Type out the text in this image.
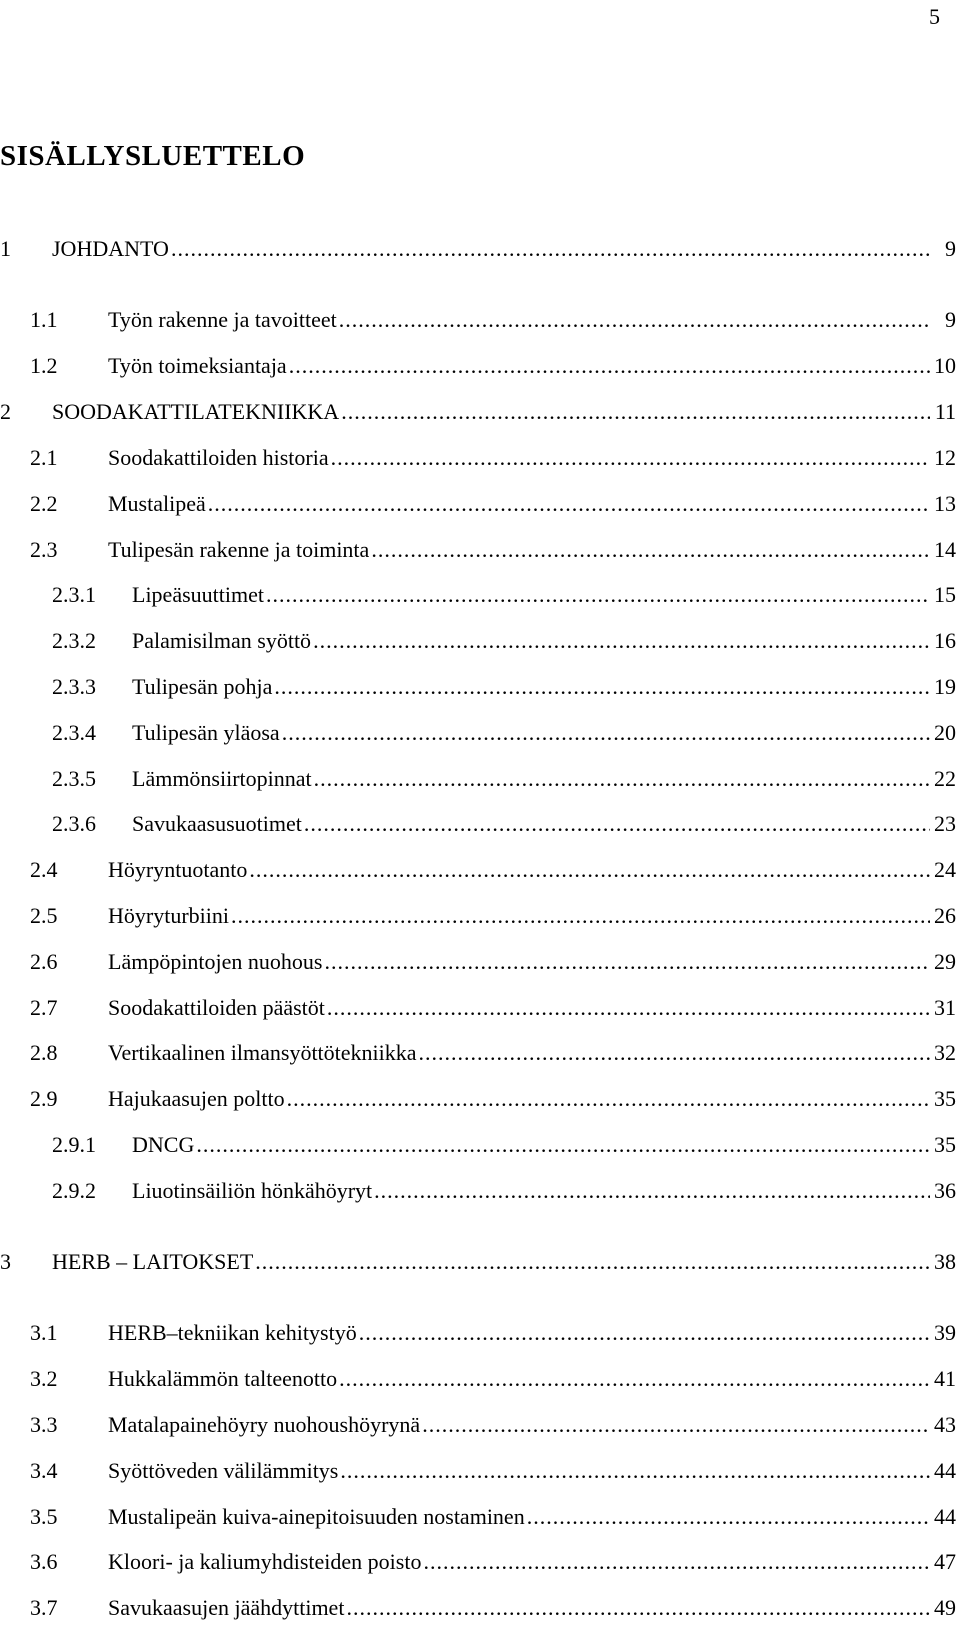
5
SISÄLLYSLUETTELO
1	JOHDANTO .....	9
1.1	Työn rakenne ja tavoitteet .....	9
1.2	Työn toimeksiantaja .....	10
2	SOODAKATTILATEKNIIKKA .....	11
2.1	Soodakattiloiden historia .....	12
2.2	Mustalipeä .....	13
2.3	Tulipesän rakenne ja toiminta .....	14
2.3.1	Lipeäsuuttimet .....	15
2.3.2	Palamisilman syöttö .....	16
2.3.3	Tulipesän pohja .....	19
2.3.4	Tulipesän yläosa .....	20
2.3.5	Lämmönsiirtopinnat .....	22
2.3.6	Savukaasusuotimet .....	23
2.4	Höyryntuotanto .....	24
2.5	Höyryturbiini .....	26
2.6	Lämpöpintojen nuohous .....	29
2.7	Soodakattiloiden päästöt .....	31
2.8	Vertikaalinen ilmansyöttötekniikka .....	32
2.9	Hajukaasujen poltto .....	35
2.9.1	DNCG .....	35
2.9.2	Liuotinsäiliön hönkähöyryt .....	36
3	HERB – LAITOKSET .....	38
3.1	HERB–tekniikan kehitystyö .....	39
3.2	Hukkalämmön talteenotto .....	41
3.3	Matalapainehöyry nuohoushöyrynä .....	43
3.4	Syöttöveden välilämmitys .....	44
3.5	Mustalipeän kuiva-ainepitoisuuden nostaminen .....	44
3.6	Kloori- ja kaliumyhdisteiden poisto .....	47
3.7	Savukaasujen jäähdyttimet .....	49
